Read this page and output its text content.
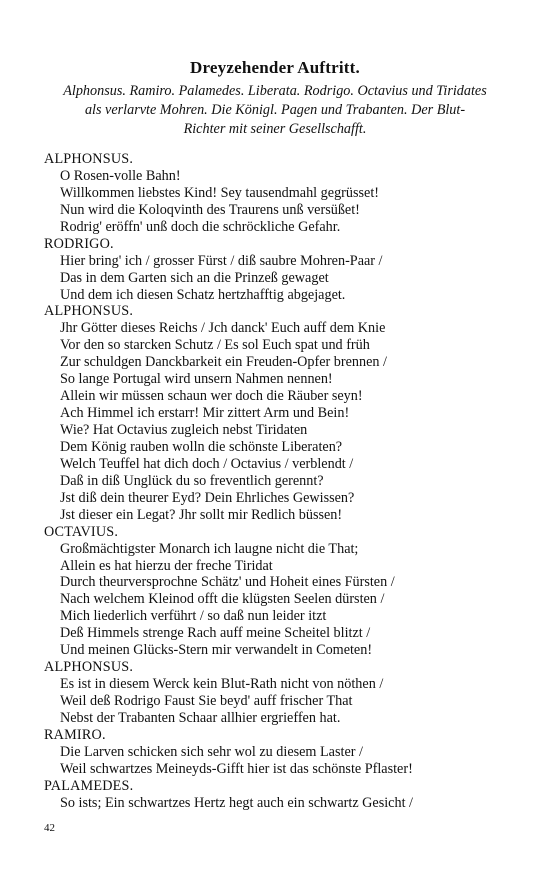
Dreyzehender Auftritt.
Alphonsus. Ramiro. Palamedes. Liberata. Rodrigo. Octavius und Tiridates
als verlarvte Mohren. Die Königl. Pagen und Trabanten. Der Blut-
Richter mit seiner Gesellschafft.
ALPHONSUS.
O Rosen-volle Bahn!
Willkommen liebstes Kind! Sey tausendmahl gegrüsset!
Nun wird die Koloqvinth des Traurens unß versüßet!
Rodrig' eröffn' unß doch die schröckliche Gefahr.
RODRIGO.
Hier bring' ich / grosser Fürst / diß saubre Mohren-Paar /
Das in dem Garten sich an die Prinzeß gewaget
Und dem ich diesen Schatz hertzhafftig abgejaget.
ALPHONSUS.
Jhr Götter dieses Reichs / Jch danck' Euch auff dem Knie
Vor den so starcken Schutz / Es sol Euch spat und früh
Zur schuldgen Danckbarkeit ein Freuden-Opfer brennen /
So lange Portugal wird unsern Nahmen nennen!
Allein wir müssen schaun wer doch die Räuber seyn!
Ach Himmel ich erstarr! Mir zittert Arm und Bein!
Wie? Hat Octavius zugleich nebst Tiridaten
Dem König rauben wolln die schönste Liberaten?
Welch Teuffel hat dich doch / Octavius / verblendt /
Daß in diß Unglück du so freventlich gerennt?
Jst diß dein theurer Eyd? Dein Ehrliches Gewissen?
Jst dieser ein Legat? Jhr sollt mir Redlich büssen!
OCTAVIUS.
Großmächtigster Monarch ich laugne nicht die That;
Allein es hat hierzu der freche Tiridat
Durch theurversprochne Schätz' und Hoheit eines Fürsten /
Nach welchem Kleinod offt die klügsten Seelen dürsten /
Mich liederlich verführt / so daß nun leider itzt
Deß Himmels strenge Rach auff meine Scheitel blitzt /
Und meinen Glücks-Stern mir verwandelt in Cometen!
ALPHONSUS.
Es ist in diesem Werck kein Blut-Rath nicht von nöthen /
Weil deß Rodrigo Faust Sie beyd' auff frischer That
Nebst der Trabanten Schaar allhier ergrieffen hat.
RAMIRO.
Die Larven schicken sich sehr wol zu diesem Laster /
Weil schwartzes Meineyds-Gifft hier ist das schönste Pflaster!
PALAMEDES.
So ists; Ein schwartzes Hertz hegt auch ein schwartz Gesicht /
42
